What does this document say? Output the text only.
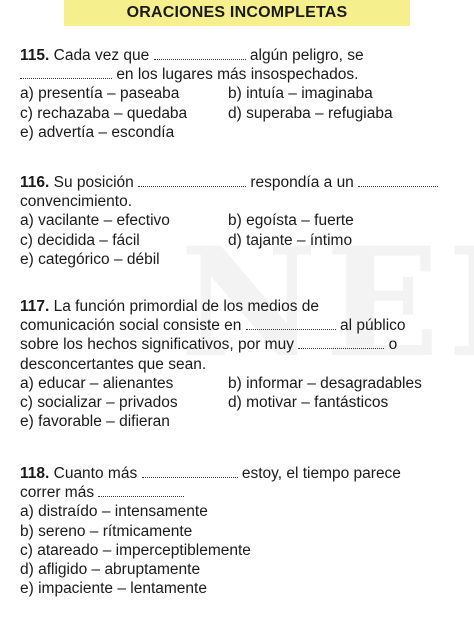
ORACIONES INCOMPLETAS
115. Cada vez que	algún peligro, se
en los lugares más insospechados.
a) presentía – paseaba	b) intuía – imaginaba
c) rechazaba – quedaba	d) superaba – refugiaba
e) advertía – escondía
116. Su posición	respondía a un
convencimiento.
a) vacilante – efectivo	b) egoísta – fuerte
c) decidida – fácil	d) tajante – íntimo
e) categórico – débil
117. La función primordial de los medios de
comunicación social consiste en	al público
sobre los hechos significativos, por muy	o
desconcertantes que sean.
a) educar – alienantes	b) informar – desagradables
c) socializar – privados	d) motivar – fantásticos
e) favorable – difieran
118. Cuanto más	estoy, el tiempo parece
correr más
a) distraído – intensamente
b) sereno – rítmicamente
c) atareado – imperceptiblemente
d) afligido – abruptamente
e) impaciente – lentamente
